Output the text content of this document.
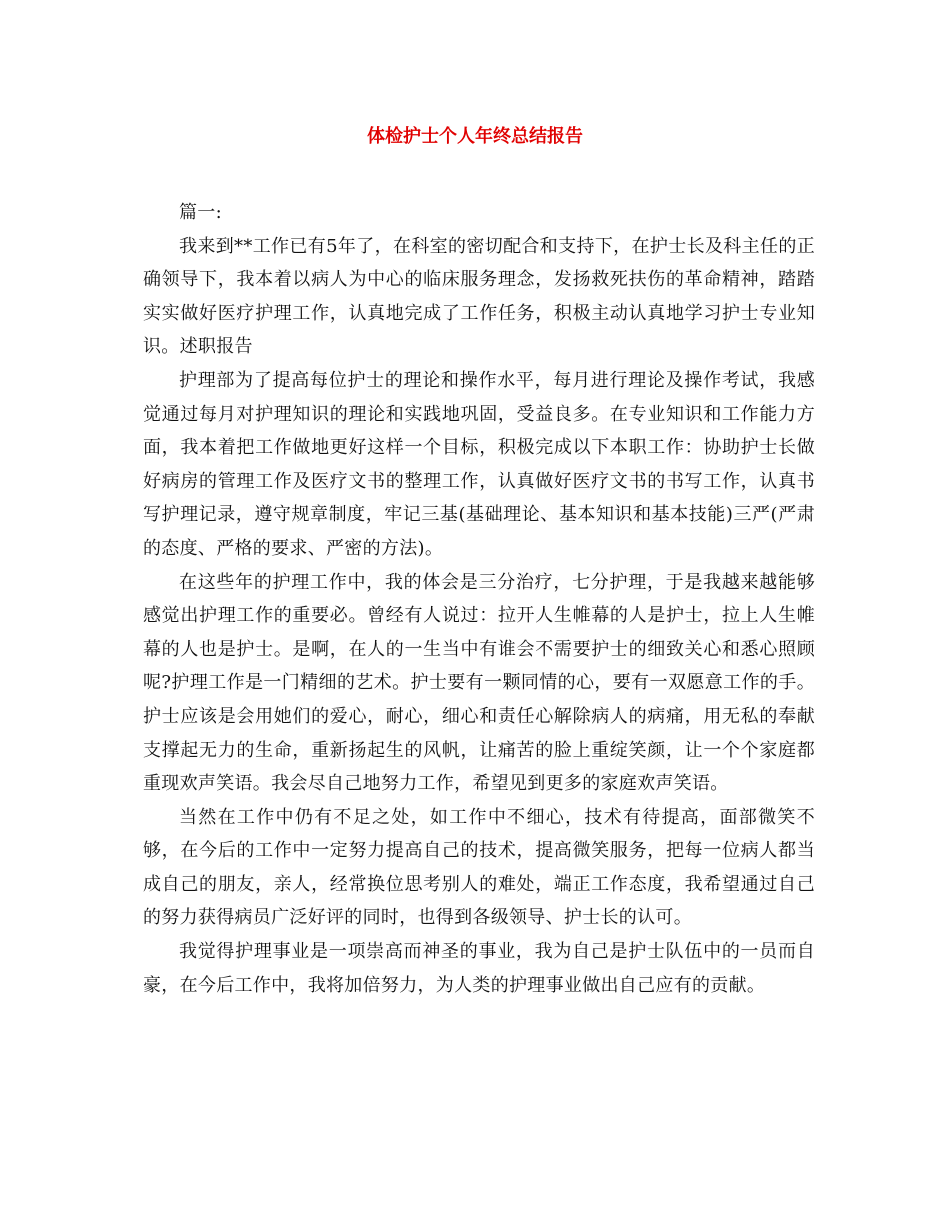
体检护士个人年终总结报告

篇一:

我来到**工作已有5年了，在科室的密切配合和支持下，在护士长及科主任的正确领导下，我本着以病人为中心的临床服务理念，发扬救死扶伤的革命精神，踏踏实实做好医疗护理工作，认真地完成了工作任务，积极主动认真地学习护士专业知识。述职报告

护理部为了提高每位护士的理论和操作水平，每月进行理论及操作考试，我感觉通过每月对护理知识的理论和实践地巩固，受益良多。在专业知识和工作能力方面，我本着把工作做地更好这样一个目标，积极完成以下本职工作：协助护士长做好病房的管理工作及医疗文书的整理工作，认真做好医疗文书的书写工作，认真书写护理记录，遵守规章制度，牢记三基(基础理论、基本知识和基本技能)三严(严肃的态度、严格的要求、严密的方法)。

在这些年的护理工作中，我的体会是三分治疗，七分护理，于是我越来越能够感觉出护理工作的重要必。曾经有人说过：拉开人生帷幕的人是护士，拉上人生帷幕的人也是护士。是啊，在人的一生当中有谁会不需要护士的细致关心和悉心照顾呢?护理工作是一门精细的艺术。护士要有一颗同情的心，要有一双愿意工作的手。护士应该是会用她们的爱心，耐心，细心和责任心解除病人的病痛，用无私的奉献支撑起无力的生命，重新扬起生的风帆，让痛苦的脸上重绽笑颜，让一个个家庭都重现欢声笑语。我会尽自己地努力工作，希望见到更多的家庭欢声笑语。

当然在工作中仍有不足之处，如工作中不细心，技术有待提高，面部微笑不够，在今后的工作中一定努力提高自己的技术，提高微笑服务，把每一位病人都当成自己的朋友，亲人，经常换位思考别人的难处，端正工作态度，我希望通过自己的努力获得病员广泛好评的同时，也得到各级领导、护士长的认可。

我觉得护理事业是一项崇高而神圣的事业，我为自己是护士队伍中的一员而自豪，在今后工作中，我将加倍努力，为人类的护理事业做出自己应有的贡献。
